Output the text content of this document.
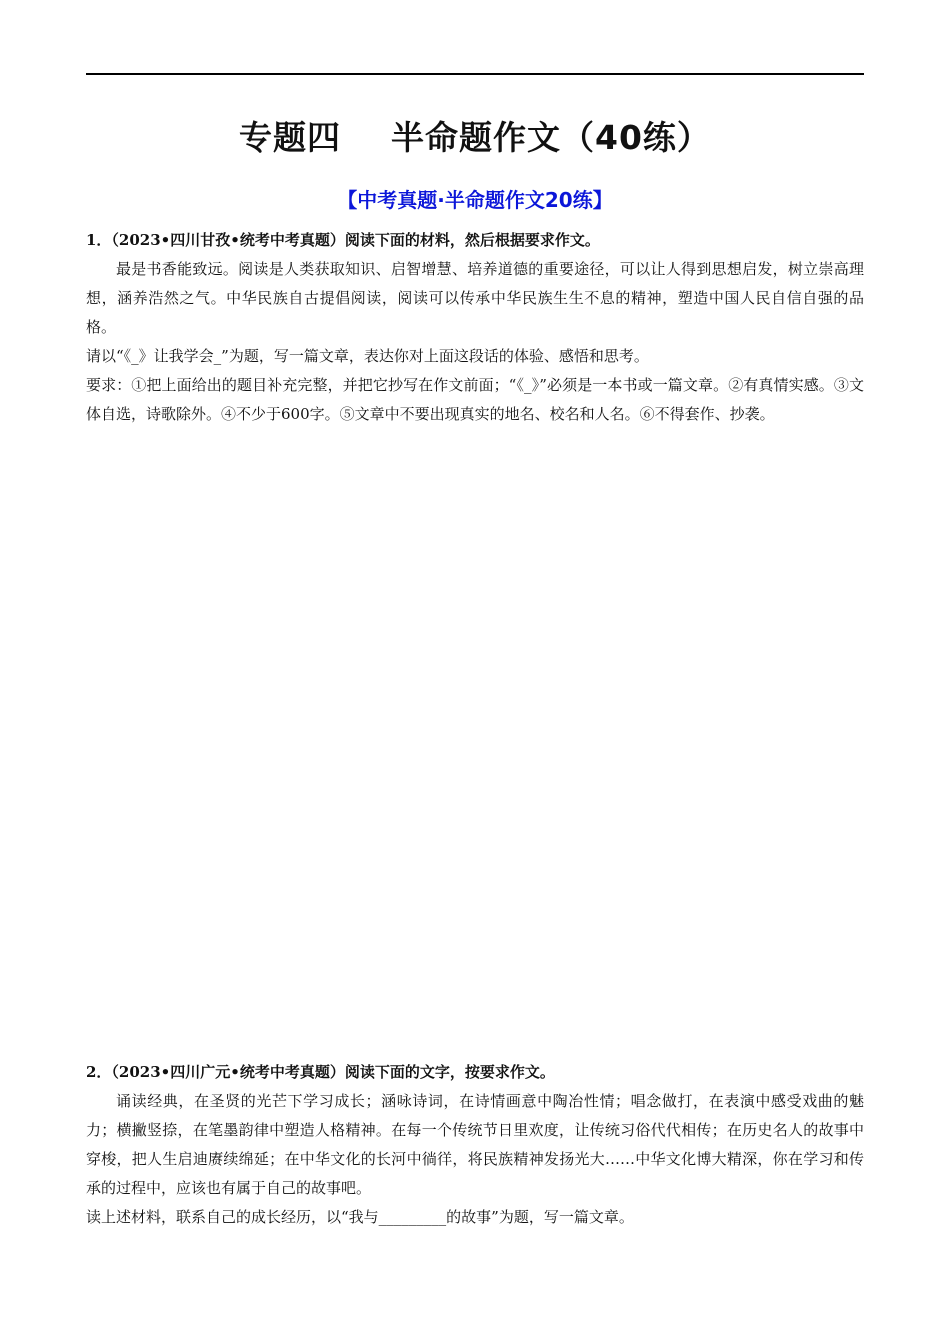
专题四    半命题作文（40练）
【中考真题·半命题作文20练】

1．（2023•四川甘孜•统考中考真题）阅读下面的材料，然后根据要求作文。

最是书香能致远。阅读是人类获取知识、启智增慧、培养道德的重要途径，可以让人得到思想启发，树立崇高理想，涵养浩然之气。中华民族自古提倡阅读，阅读可以传承中华民族生生不息的精神，塑造中国人民自信自强的品格。

请以“《_》让我学会_”为题，写一篇文章，表达你对上面这段话的体验、感悟和思考。

要求：①把上面给出的题目补充完整，并把它抄写在作文前面；“《_》”必须是一本书或一篇文章。②有真情实感。③文体自选，诗歌除外。④不少于600字。⑤文章中不要出现真实的地名、校名和人名。⑥不得套作、抄袭。

2．（2023•四川广元•统考中考真题）阅读下面的文字，按要求作文。

诵读经典，在圣贤的光芒下学习成长；涵咏诗词，在诗情画意中陶冶性情；唱念做打，在表演中感受戏曲的魅力；横撇竖捺，在笔墨韵律中塑造人格精神。在每一个传统节日里欢度，让传统习俗代代相传；在历史名人的故事中穿梭，把人生启迪赓续绵延；在中华文化的长河中徜徉，将民族精神发扬光大……中华文化博大精深，你在学习和传承的过程中，应该也有属于自己的故事吧。

读上述材料，联系自己的成长经历，以“我与_________的故事”为题，写一篇文章。
